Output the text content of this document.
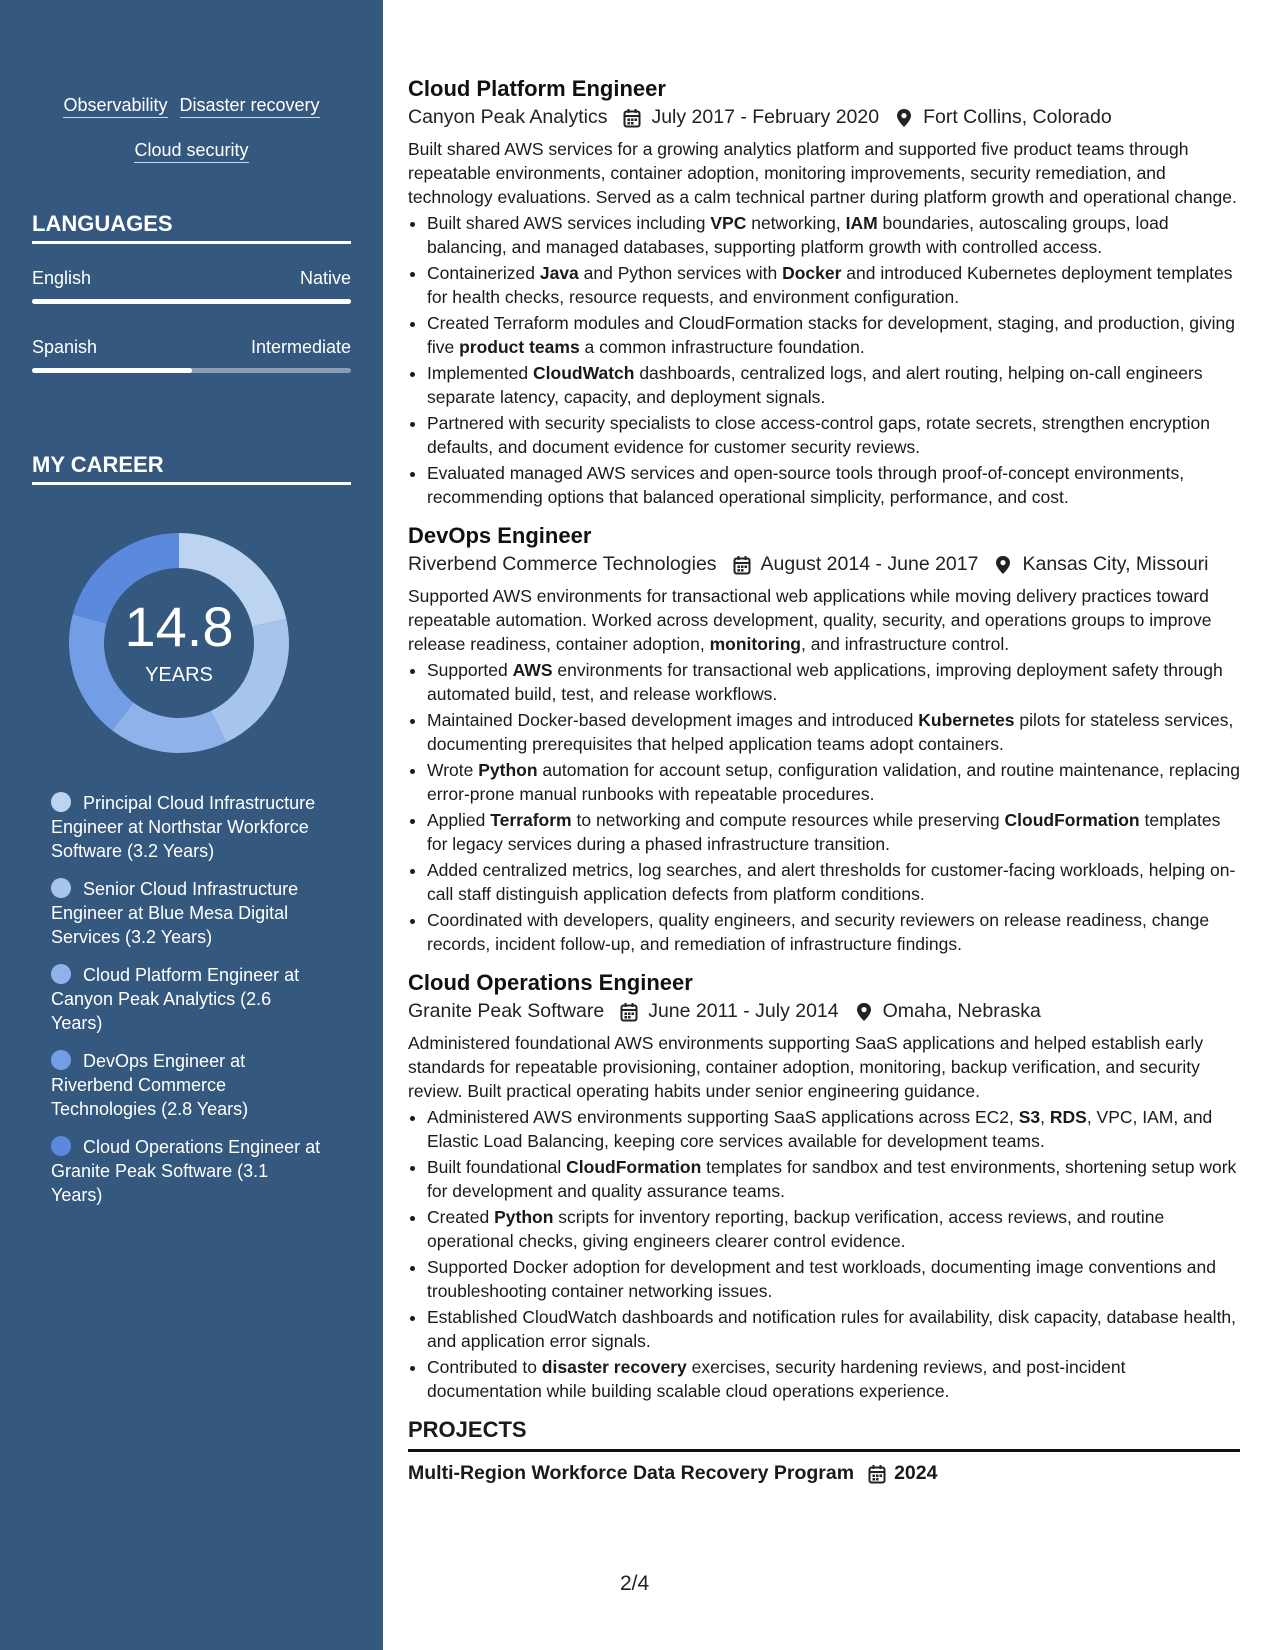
Observability Disaster recovery
Cloud security
LANGUAGES
English	Native
Spanish	Intermediate
MY CAREER
14.8
YEARS
Principal Cloud Infrastructure Engineer at Northstar Workforce Software (3.2 Years)
Senior Cloud Infrastructure Engineer at Blue Mesa Digital Services (3.2 Years)
Cloud Platform Engineer at Canyon Peak Analytics (2.6 Years)
DevOps Engineer at Riverbend Commerce Technologies (2.8 Years)
Cloud Operations Engineer at Granite Peak Software (3.1 Years)
Cloud Platform Engineer
Canyon Peak Analytics July 2017 - February 2020 Fort Collins, Colorado

Built shared AWS services for a growing analytics platform and supported five product teams through repeatable environments, container adoption, monitoring improvements, security remediation, and technology evaluations. Served as a calm technical partner during platform growth and operational change.

• Built shared AWS services including VPC networking, IAM boundaries, autoscaling groups, load balancing, and managed databases, supporting platform growth with controlled access.
• Containerized Java and Python services with Docker and introduced Kubernetes deployment templates for health checks, resource requests, and environment configuration.
• Created Terraform modules and CloudFormation stacks for development, staging, and production, giving five product teams a common infrastructure foundation.
• Implemented CloudWatch dashboards, centralized logs, and alert routing, helping on-call engineers separate latency, capacity, and deployment signals.
• Partnered with security specialists to close access-control gaps, rotate secrets, strengthen encryption defaults, and document evidence for customer security reviews.
• Evaluated managed AWS services and open-source tools through proof-of-concept environments, recommending options that balanced operational simplicity, performance, and cost.
DevOps Engineer
Riverbend Commerce Technologies August 2014 - June 2017 Kansas City, Missouri

Supported AWS environments for transactional web applications while moving delivery practices toward repeatable automation. Worked across development, quality, security, and operations groups to improve release readiness, container adoption, monitoring, and infrastructure control.

• Supported AWS environments for transactional web applications, improving deployment safety through automated build, test, and release workflows.
• Maintained Docker-based development images and introduced Kubernetes pilots for stateless services, documenting prerequisites that helped application teams adopt containers.
• Wrote Python automation for account setup, configuration validation, and routine maintenance, replacing error-prone manual runbooks with repeatable procedures.
• Applied Terraform to networking and compute resources while preserving CloudFormation templates for legacy services during a phased infrastructure transition.
• Added centralized metrics, log searches, and alert thresholds for customer-facing workloads, helping on-call staff distinguish application defects from platform conditions.
• Coordinated with developers, quality engineers, and security reviewers on release readiness, change records, incident follow-up, and remediation of infrastructure findings.
Cloud Operations Engineer
Granite Peak Software June 2011 - July 2014 Omaha, Nebraska

Administered foundational AWS environments supporting SaaS applications and helped establish early standards for repeatable provisioning, container adoption, monitoring, backup verification, and security review. Built practical operating habits under senior engineering guidance.

• Administered AWS environments supporting SaaS applications across EC2, S3, RDS, VPC, IAM, and Elastic Load Balancing, keeping core services available for development teams.
• Built foundational CloudFormation templates for sandbox and test environments, shortening setup work for development and quality assurance teams.
• Created Python scripts for inventory reporting, backup verification, access reviews, and routine operational checks, giving engineers clearer control evidence.
• Supported Docker adoption for development and test workloads, documenting image conventions and troubleshooting container networking issues.
• Established CloudWatch dashboards and notification rules for availability, disk capacity, database health, and application error signals.
• Contributed to disaster recovery exercises, security hardening reviews, and post-incident documentation while building scalable cloud operations experience.
PROJECTS
Multi-Region Workforce Data Recovery Program 2024
2/4
